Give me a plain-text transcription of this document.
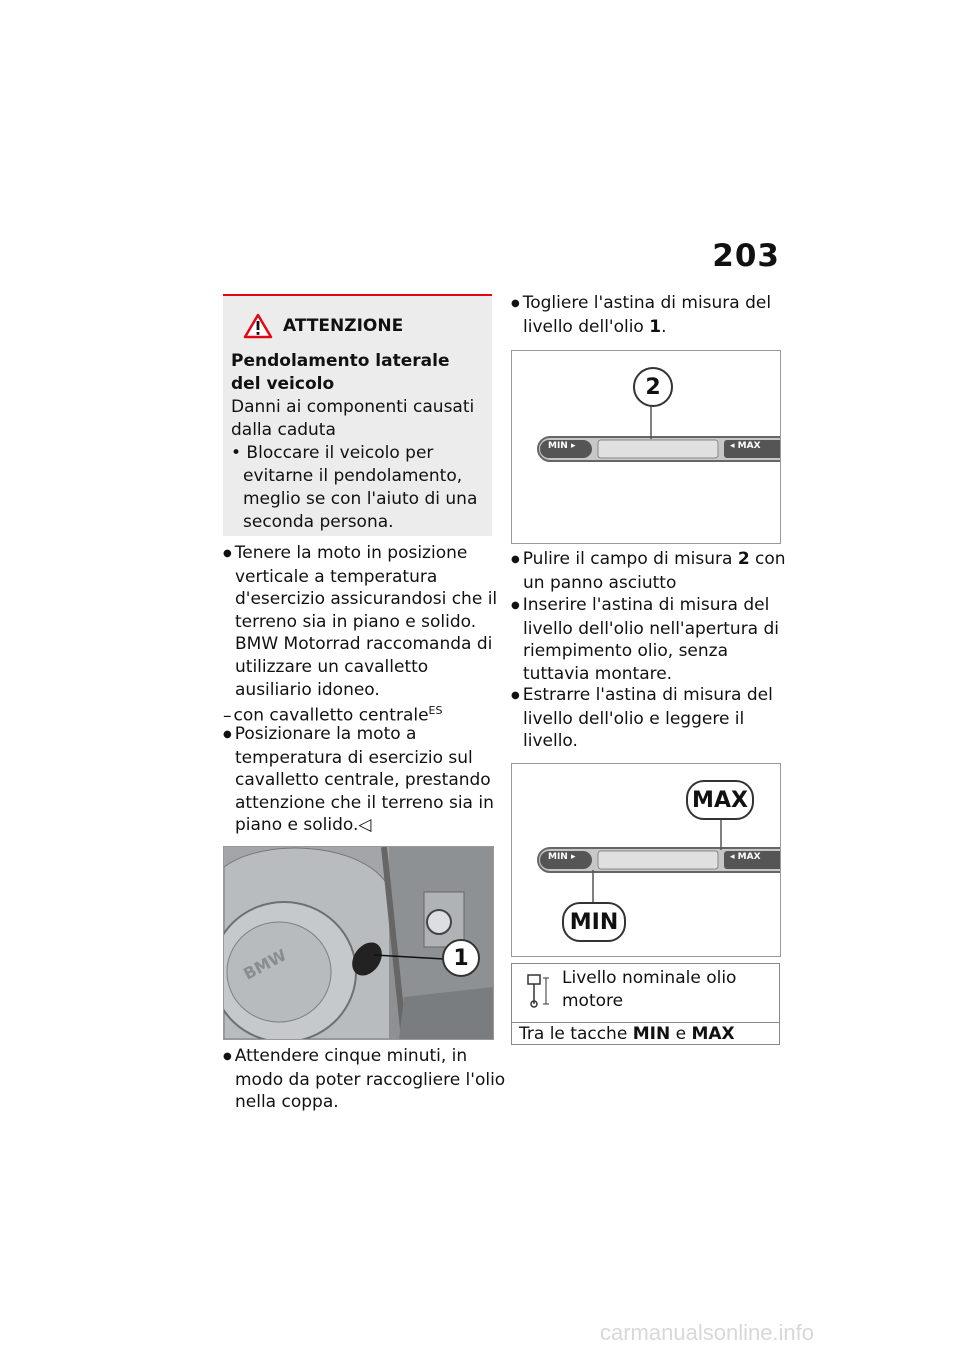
203
ATTENZIONE
Pendolamento laterale del veicolo
Danni ai componenti causati dalla caduta
• Bloccare il veicolo per evitarne il pendolamento, meglio se con l'aiuto di una seconda persona.
● Tenere la moto in posizione verticale a temperatura d'esercizio assicurandosi che il terreno sia in piano e solido. BMW Motorrad raccomanda di utilizzare un cavalletto ausiliario idoneo.
– con cavalletto centrale$^{ES}$
● Posizionare la moto a temperatura di esercizio sul cavalletto centrale, prestando attenzione che il terreno sia in piano e solido.◁
BMW	1
● Attendere cinque minuti, in modo da poter raccogliere l'olio nella coppa.
● Togliere l'astina di misura del livello dell'olio 1.
MIN ▸	◂ MAX
2
● Pulire il campo di misura 2 con un panno asciutto
● Inserire l'astina di misura del livello dell'olio nell'apertura di riempimento olio, senza tuttavia montare.
● Estrarre l'astina di misura del livello dell'olio e leggere il livello.
MIN ▸	◂ MAX
MAX
MIN
Livello nominale olio motore
Tra le tacche MIN e MAX
carmanualsonline.info
